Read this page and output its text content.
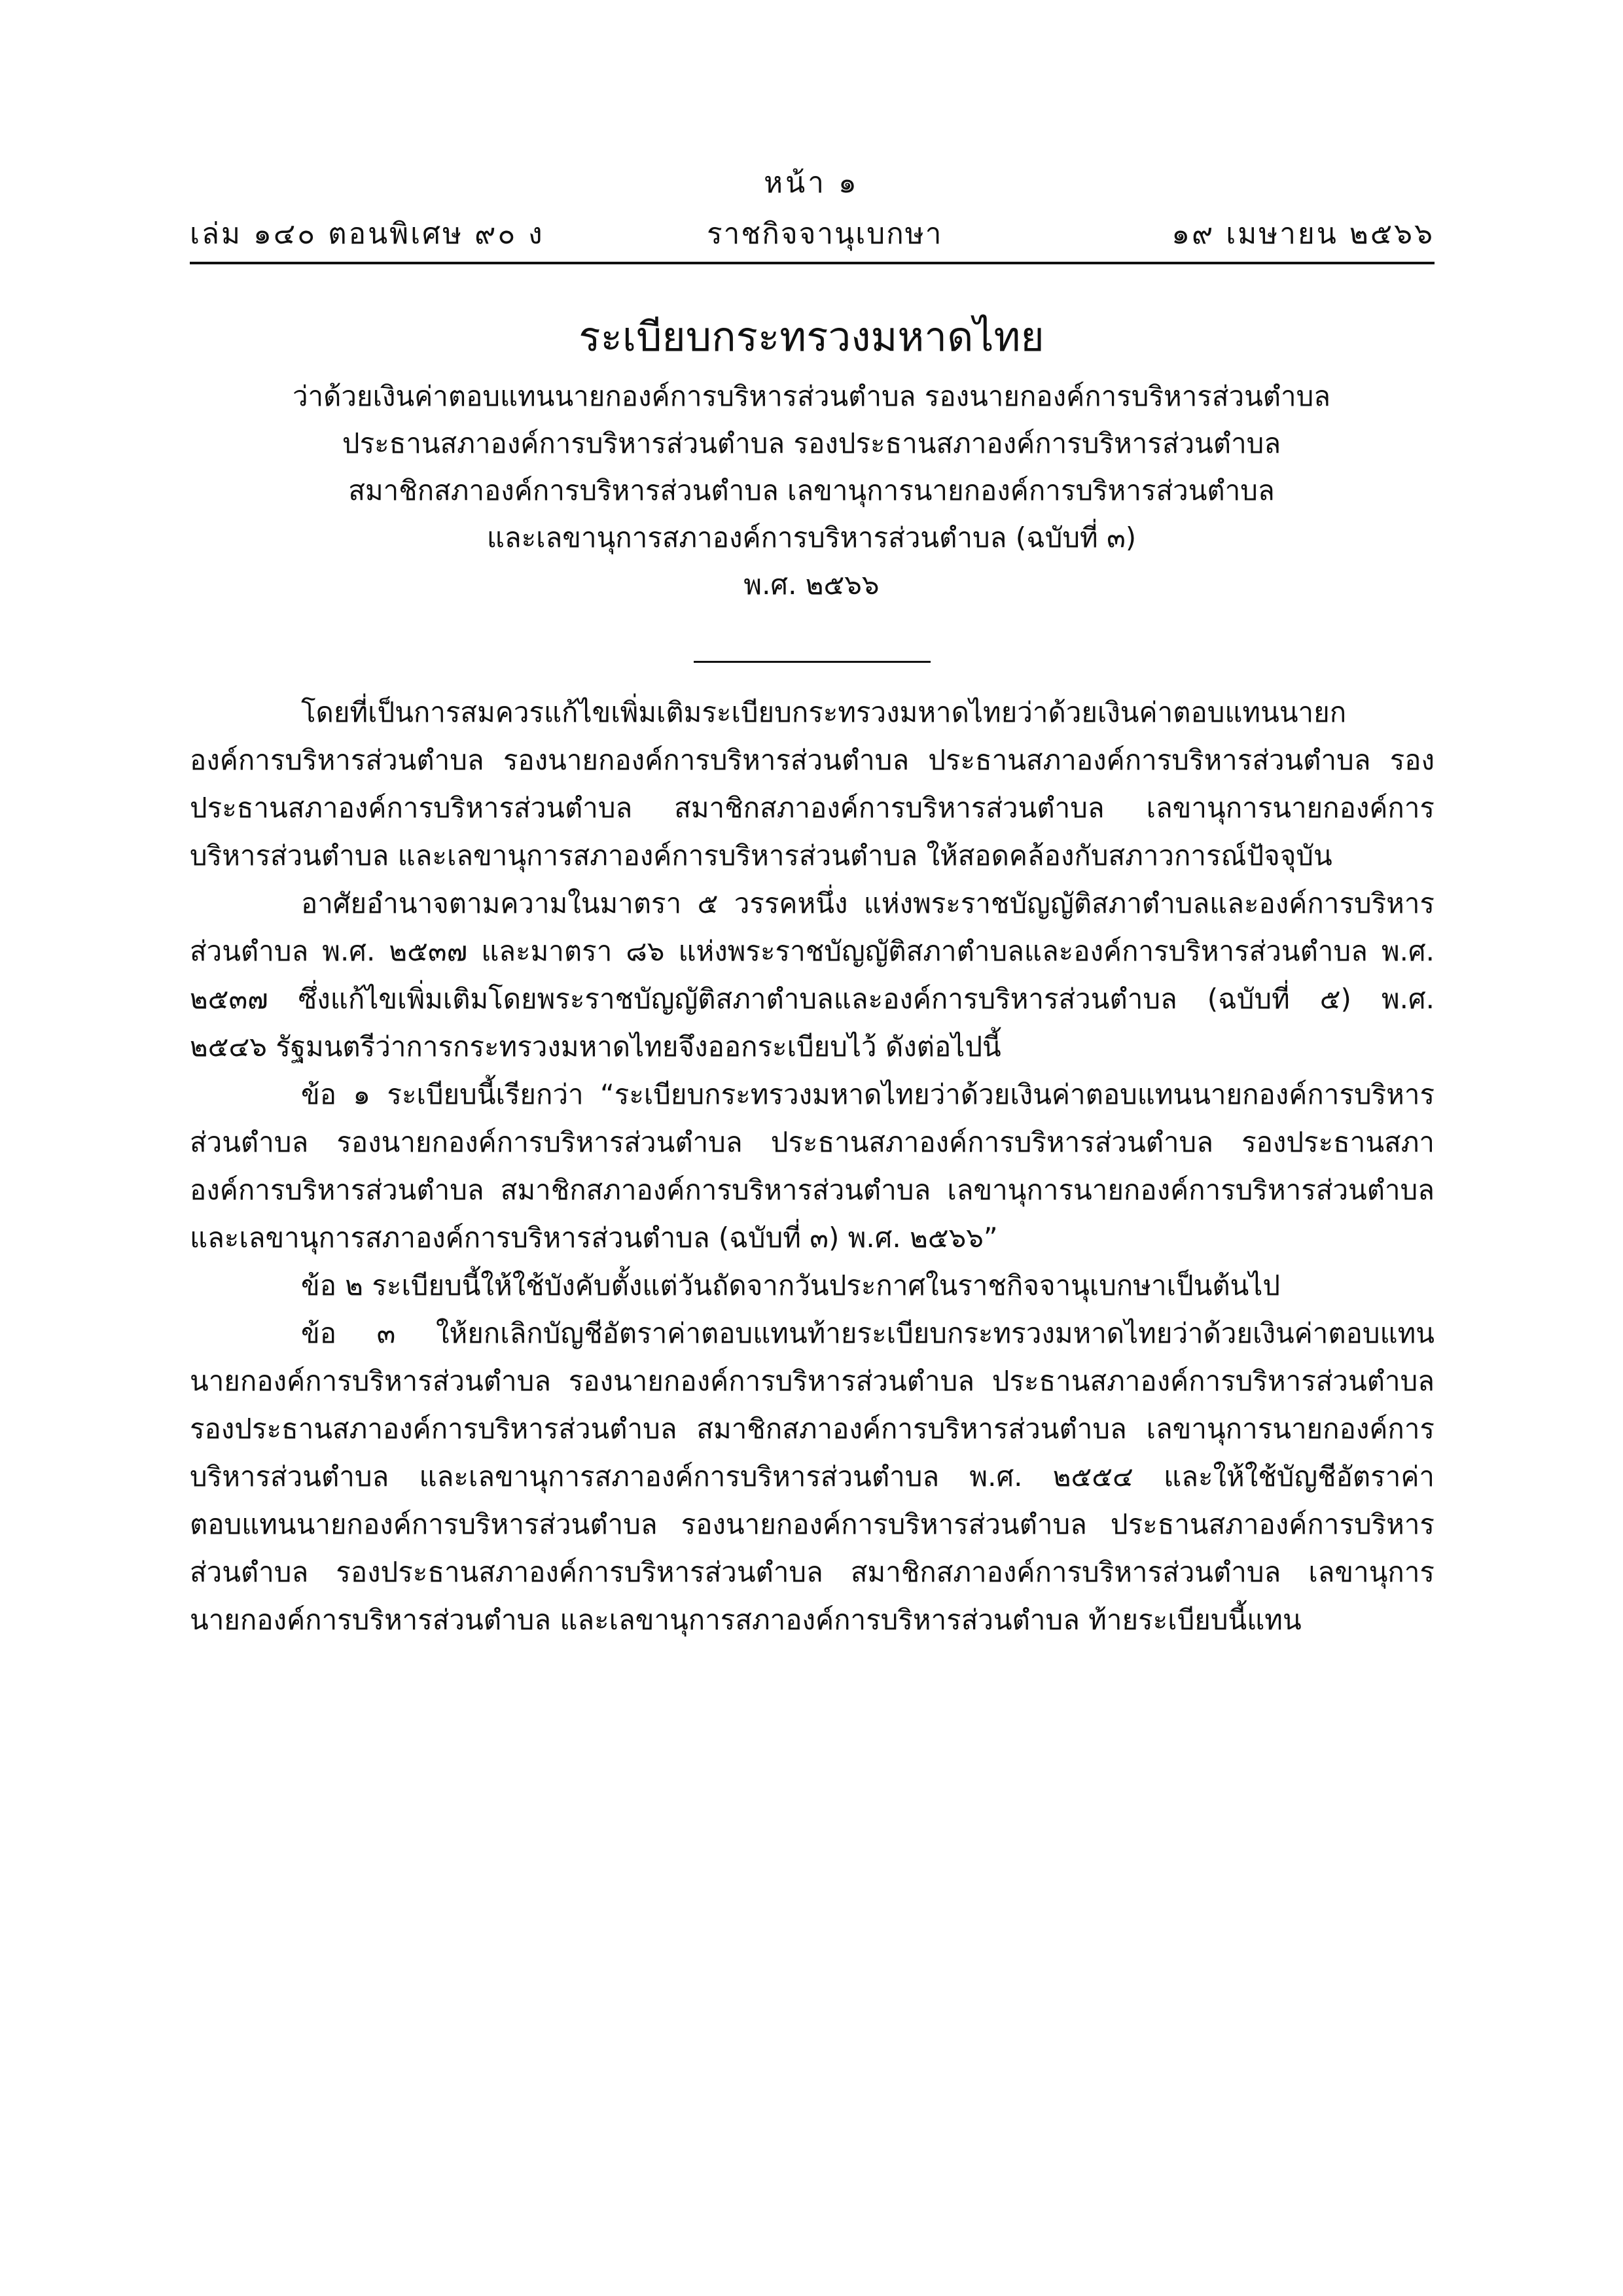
หน้า ๑
เล่ม ๑๔๐ ตอนพิเศษ ๙๐ ง	ราชกิจจานุเบกษา	๑๙ เมษายน ๒๕๖๖
ระเบียบกระทรวงมหาดไทย
ว่าด้วยเงินค่าตอบแทนนายกองค์การบริหารส่วนตำบล รองนายกองค์การบริหารส่วนตำบล
ประธานสภาองค์การบริหารส่วนตำบล รองประธานสภาองค์การบริหารส่วนตำบล
สมาชิกสภาองค์การบริหารส่วนตำบล เลขานุการนายกองค์การบริหารส่วนตำบล
และเลขานุการสภาองค์การบริหารส่วนตำบล (ฉบับที่ ๓)
พ.ศ. ๒๕๖๖

โดยที่เป็นการสมควรแก้ไขเพิ่มเติมระเบียบกระทรวงมหาดไทยว่าด้วยเงินค่าตอบแทนนายกองค์การบริหารส่วนตำบล รองนายกองค์การบริหารส่วนตำบล ประธานสภาองค์การบริหารส่วนตำบล รองประธานสภาองค์การบริหารส่วนตำบล สมาชิกสภาองค์การบริหารส่วนตำบล เลขานุการนายกองค์การบริหารส่วนตำบล และเลขานุการสภาองค์การบริหารส่วนตำบล ให้สอดคล้องกับสภาวการณ์ปัจจุบัน

อาศัยอำนาจตามความในมาตรา ๕ วรรคหนึ่ง แห่งพระราชบัญญัติสภาตำบลและองค์การบริหารส่วนตำบล พ.ศ. ๒๕๓๗ และมาตรา ๘๖ แห่งพระราชบัญญัติสภาตำบลและองค์การบริหารส่วนตำบล พ.ศ. ๒๕๓๗ ซึ่งแก้ไขเพิ่มเติมโดยพระราชบัญญัติสภาตำบลและองค์การบริหารส่วนตำบล (ฉบับที่ ๕) พ.ศ. ๒๕๔๖ รัฐมนตรีว่าการกระทรวงมหาดไทยจึงออกระเบียบไว้ ดังต่อไปนี้

ข้อ ๑ ระเบียบนี้เรียกว่า “ระเบียบกระทรวงมหาดไทยว่าด้วยเงินค่าตอบแทนนายกองค์การบริหารส่วนตำบล รองนายกองค์การบริหารส่วนตำบล ประธานสภาองค์การบริหารส่วนตำบล รองประธานสภาองค์การบริหารส่วนตำบล สมาชิกสภาองค์การบริหารส่วนตำบล เลขานุการนายกองค์การบริหารส่วนตำบล และเลขานุการสภาองค์การบริหารส่วนตำบล (ฉบับที่ ๓) พ.ศ. ๒๕๖๖”

ข้อ ๒ ระเบียบนี้ให้ใช้บังคับตั้งแต่วันถัดจากวันประกาศในราชกิจจานุเบกษาเป็นต้นไป

ข้อ ๓ ให้ยกเลิกบัญชีอัตราค่าตอบแทนท้ายระเบียบกระทรวงมหาดไทยว่าด้วยเงินค่าตอบแทนนายกองค์การบริหารส่วนตำบล รองนายกองค์การบริหารส่วนตำบล ประธานสภาองค์การบริหารส่วนตำบล รองประธานสภาองค์การบริหารส่วนตำบล สมาชิกสภาองค์การบริหารส่วนตำบล เลขานุการนายกองค์การบริหารส่วนตำบล และเลขานุการสภาองค์การบริหารส่วนตำบล พ.ศ. ๒๕๕๔ และให้ใช้บัญชีอัตราค่าตอบแทนนายกองค์การบริหารส่วนตำบล รองนายกองค์การบริหารส่วนตำบล ประธานสภาองค์การบริหารส่วนตำบล รองประธานสภาองค์การบริหารส่วนตำบล สมาชิกสภาองค์การบริหารส่วนตำบล เลขานุการนายกองค์การบริหารส่วนตำบล และเลขานุการสภาองค์การบริหารส่วนตำบล ท้ายระเบียบนี้แทน
